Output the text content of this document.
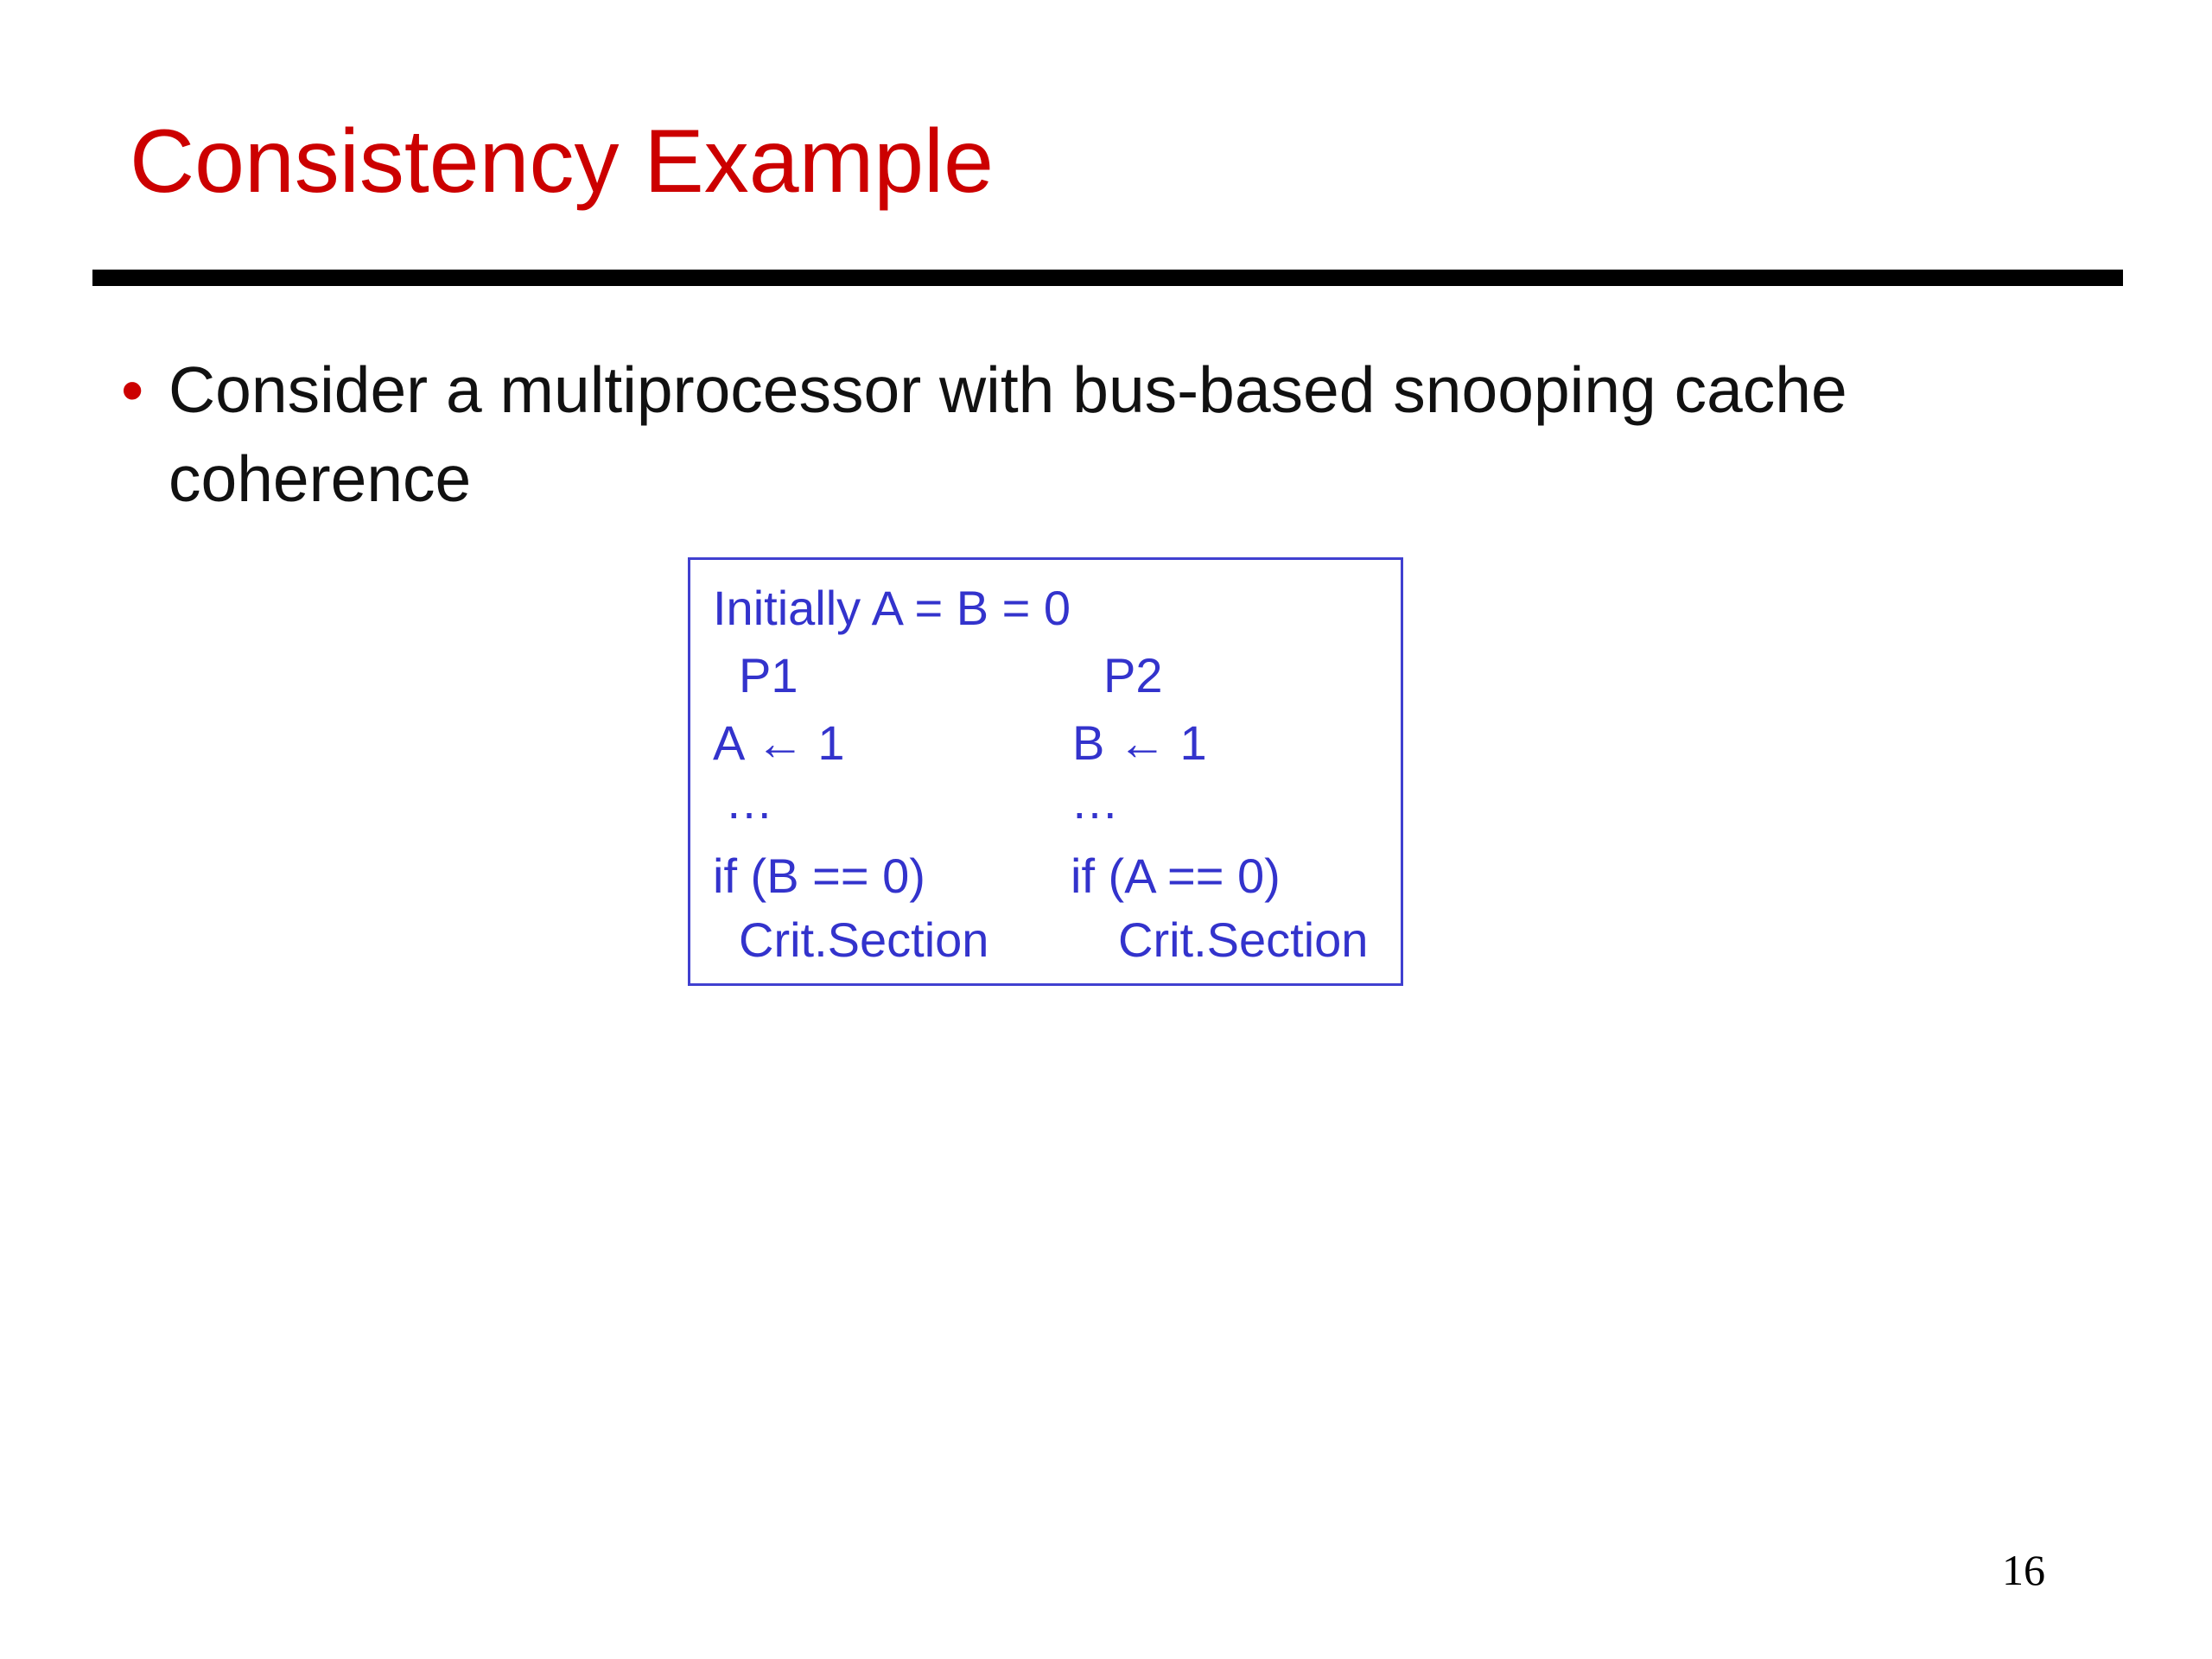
Consistency Example
• Consider a multiprocessor with bus-based snooping cache coherence
Initially A = B = 0
P1	P2
A ← 1	B ← 1
…	…
if (B == 0)	if (A == 0)
Crit.Section	Crit.Section
16
